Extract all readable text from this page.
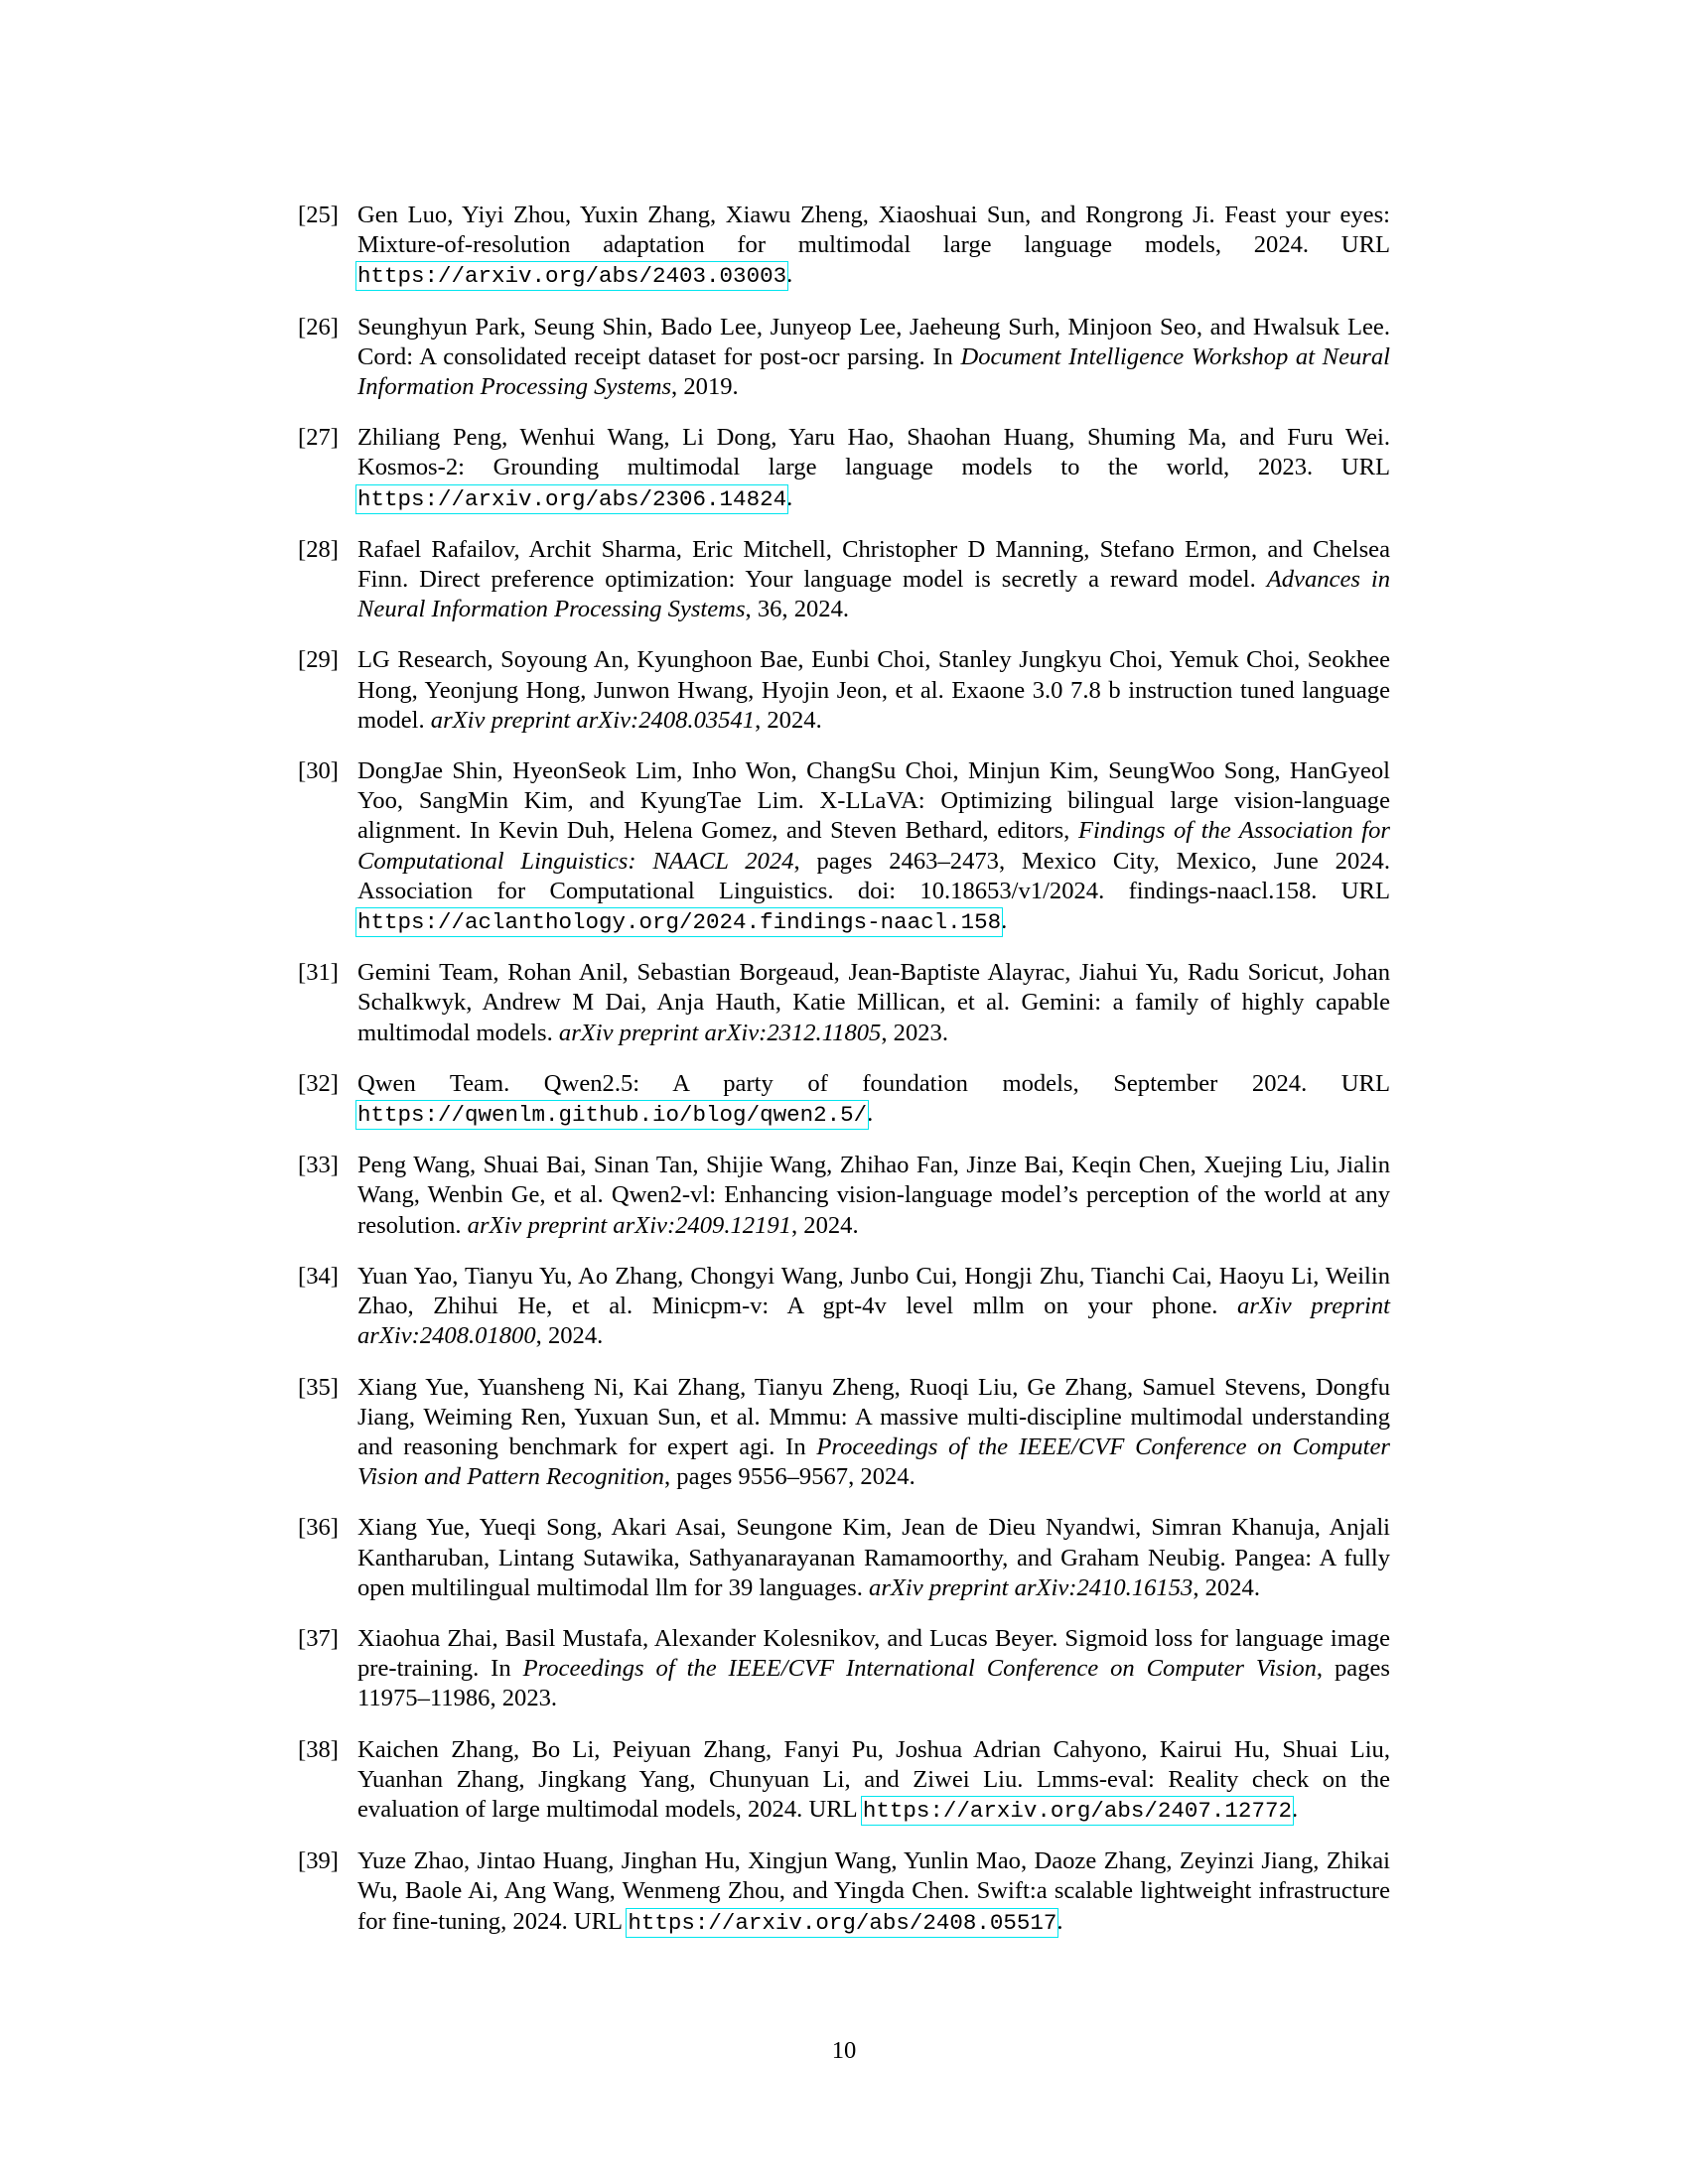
[25] Gen Luo, Yiyi Zhou, Yuxin Zhang, Xiawu Zheng, Xiaoshuai Sun, and Rongrong Ji. Feast your eyes: Mixture-of-resolution adaptation for multimodal large language models, 2024. URL https://arxiv.org/abs/2403.03003.
[26] Seunghyun Park, Seung Shin, Bado Lee, Junyeop Lee, Jaeheung Surh, Minjoon Seo, and Hwalsuk Lee. Cord: A consolidated receipt dataset for post-ocr parsing. In Document Intelligence Workshop at Neural Information Processing Systems, 2019.
[27] Zhiliang Peng, Wenhui Wang, Li Dong, Yaru Hao, Shaohan Huang, Shuming Ma, and Furu Wei. Kosmos-2: Grounding multimodal large language models to the world, 2023. URL https://arxiv.org/abs/2306.14824.
[28] Rafael Rafailov, Archit Sharma, Eric Mitchell, Christopher D Manning, Stefano Ermon, and Chelsea Finn. Direct preference optimization: Your language model is secretly a reward model. Advances in Neural Information Processing Systems, 36, 2024.
[29] LG Research, Soyoung An, Kyunghoon Bae, Eunbi Choi, Stanley Jungkyu Choi, Yemuk Choi, Seokhee Hong, Yeonjung Hong, Junwon Hwang, Hyojin Jeon, et al. Exaone 3.0 7.8 b instruction tuned language model. arXiv preprint arXiv:2408.03541, 2024.
[30] DongJae Shin, HyeonSeok Lim, Inho Won, ChangSu Choi, Minjun Kim, SeungWoo Song, HanGyeol Yoo, SangMin Kim, and KyungTae Lim. X-LLaVA: Optimizing bilingual large vision-language alignment. In Kevin Duh, Helena Gomez, and Steven Bethard, editors, Findings of the Association for Computational Linguistics: NAACL 2024, pages 2463–2473, Mexico City, Mexico, June 2024. Association for Computational Linguistics. doi: 10.18653/v1/2024. findings-naacl.158. URL https://aclanthology.org/2024.findings-naacl.158.
[31] Gemini Team, Rohan Anil, Sebastian Borgeaud, Jean-Baptiste Alayrac, Jiahui Yu, Radu Soricut, Johan Schalkwyk, Andrew M Dai, Anja Hauth, Katie Millican, et al. Gemini: a family of highly capable multimodal models. arXiv preprint arXiv:2312.11805, 2023.
[32] Qwen Team. Qwen2.5: A party of foundation models, September 2024. URL https://qwenlm.github.io/blog/qwen2.5/.
[33] Peng Wang, Shuai Bai, Sinan Tan, Shijie Wang, Zhihao Fan, Jinze Bai, Keqin Chen, Xuejing Liu, Jialin Wang, Wenbin Ge, et al. Qwen2-vl: Enhancing vision-language model’s perception of the world at any resolution. arXiv preprint arXiv:2409.12191, 2024.
[34] Yuan Yao, Tianyu Yu, Ao Zhang, Chongyi Wang, Junbo Cui, Hongji Zhu, Tianchi Cai, Haoyu Li, Weilin Zhao, Zhihui He, et al. Minicpm-v: A gpt-4v level mllm on your phone. arXiv preprint arXiv:2408.01800, 2024.
[35] Xiang Yue, Yuansheng Ni, Kai Zhang, Tianyu Zheng, Ruoqi Liu, Ge Zhang, Samuel Stevens, Dongfu Jiang, Weiming Ren, Yuxuan Sun, et al. Mmmu: A massive multi-discipline multimodal understanding and reasoning benchmark for expert agi. In Proceedings of the IEEE/CVF Conference on Computer Vision and Pattern Recognition, pages 9556–9567, 2024.
[36] Xiang Yue, Yueqi Song, Akari Asai, Seungone Kim, Jean de Dieu Nyandwi, Simran Khanuja, Anjali Kantharuban, Lintang Sutawika, Sathyanarayanan Ramamoorthy, and Graham Neubig. Pangea: A fully open multilingual multimodal llm for 39 languages. arXiv preprint arXiv:2410.16153, 2024.
[37] Xiaohua Zhai, Basil Mustafa, Alexander Kolesnikov, and Lucas Beyer. Sigmoid loss for language image pre-training. In Proceedings of the IEEE/CVF International Conference on Computer Vision, pages 11975–11986, 2023.
[38] Kaichen Zhang, Bo Li, Peiyuan Zhang, Fanyi Pu, Joshua Adrian Cahyono, Kairui Hu, Shuai Liu, Yuanhan Zhang, Jingkang Yang, Chunyuan Li, and Ziwei Liu. Lmms-eval: Reality check on the evaluation of large multimodal models, 2024. URL https://arxiv.org/abs/2407.12772.
[39] Yuze Zhao, Jintao Huang, Jinghan Hu, Xingjun Wang, Yunlin Mao, Daoze Zhang, Zeyinzi Jiang, Zhikai Wu, Baole Ai, Ang Wang, Wenmeng Zhou, and Yingda Chen. Swift:a scalable lightweight infrastructure for fine-tuning, 2024. URL https://arxiv.org/abs/2408.05517.
10
